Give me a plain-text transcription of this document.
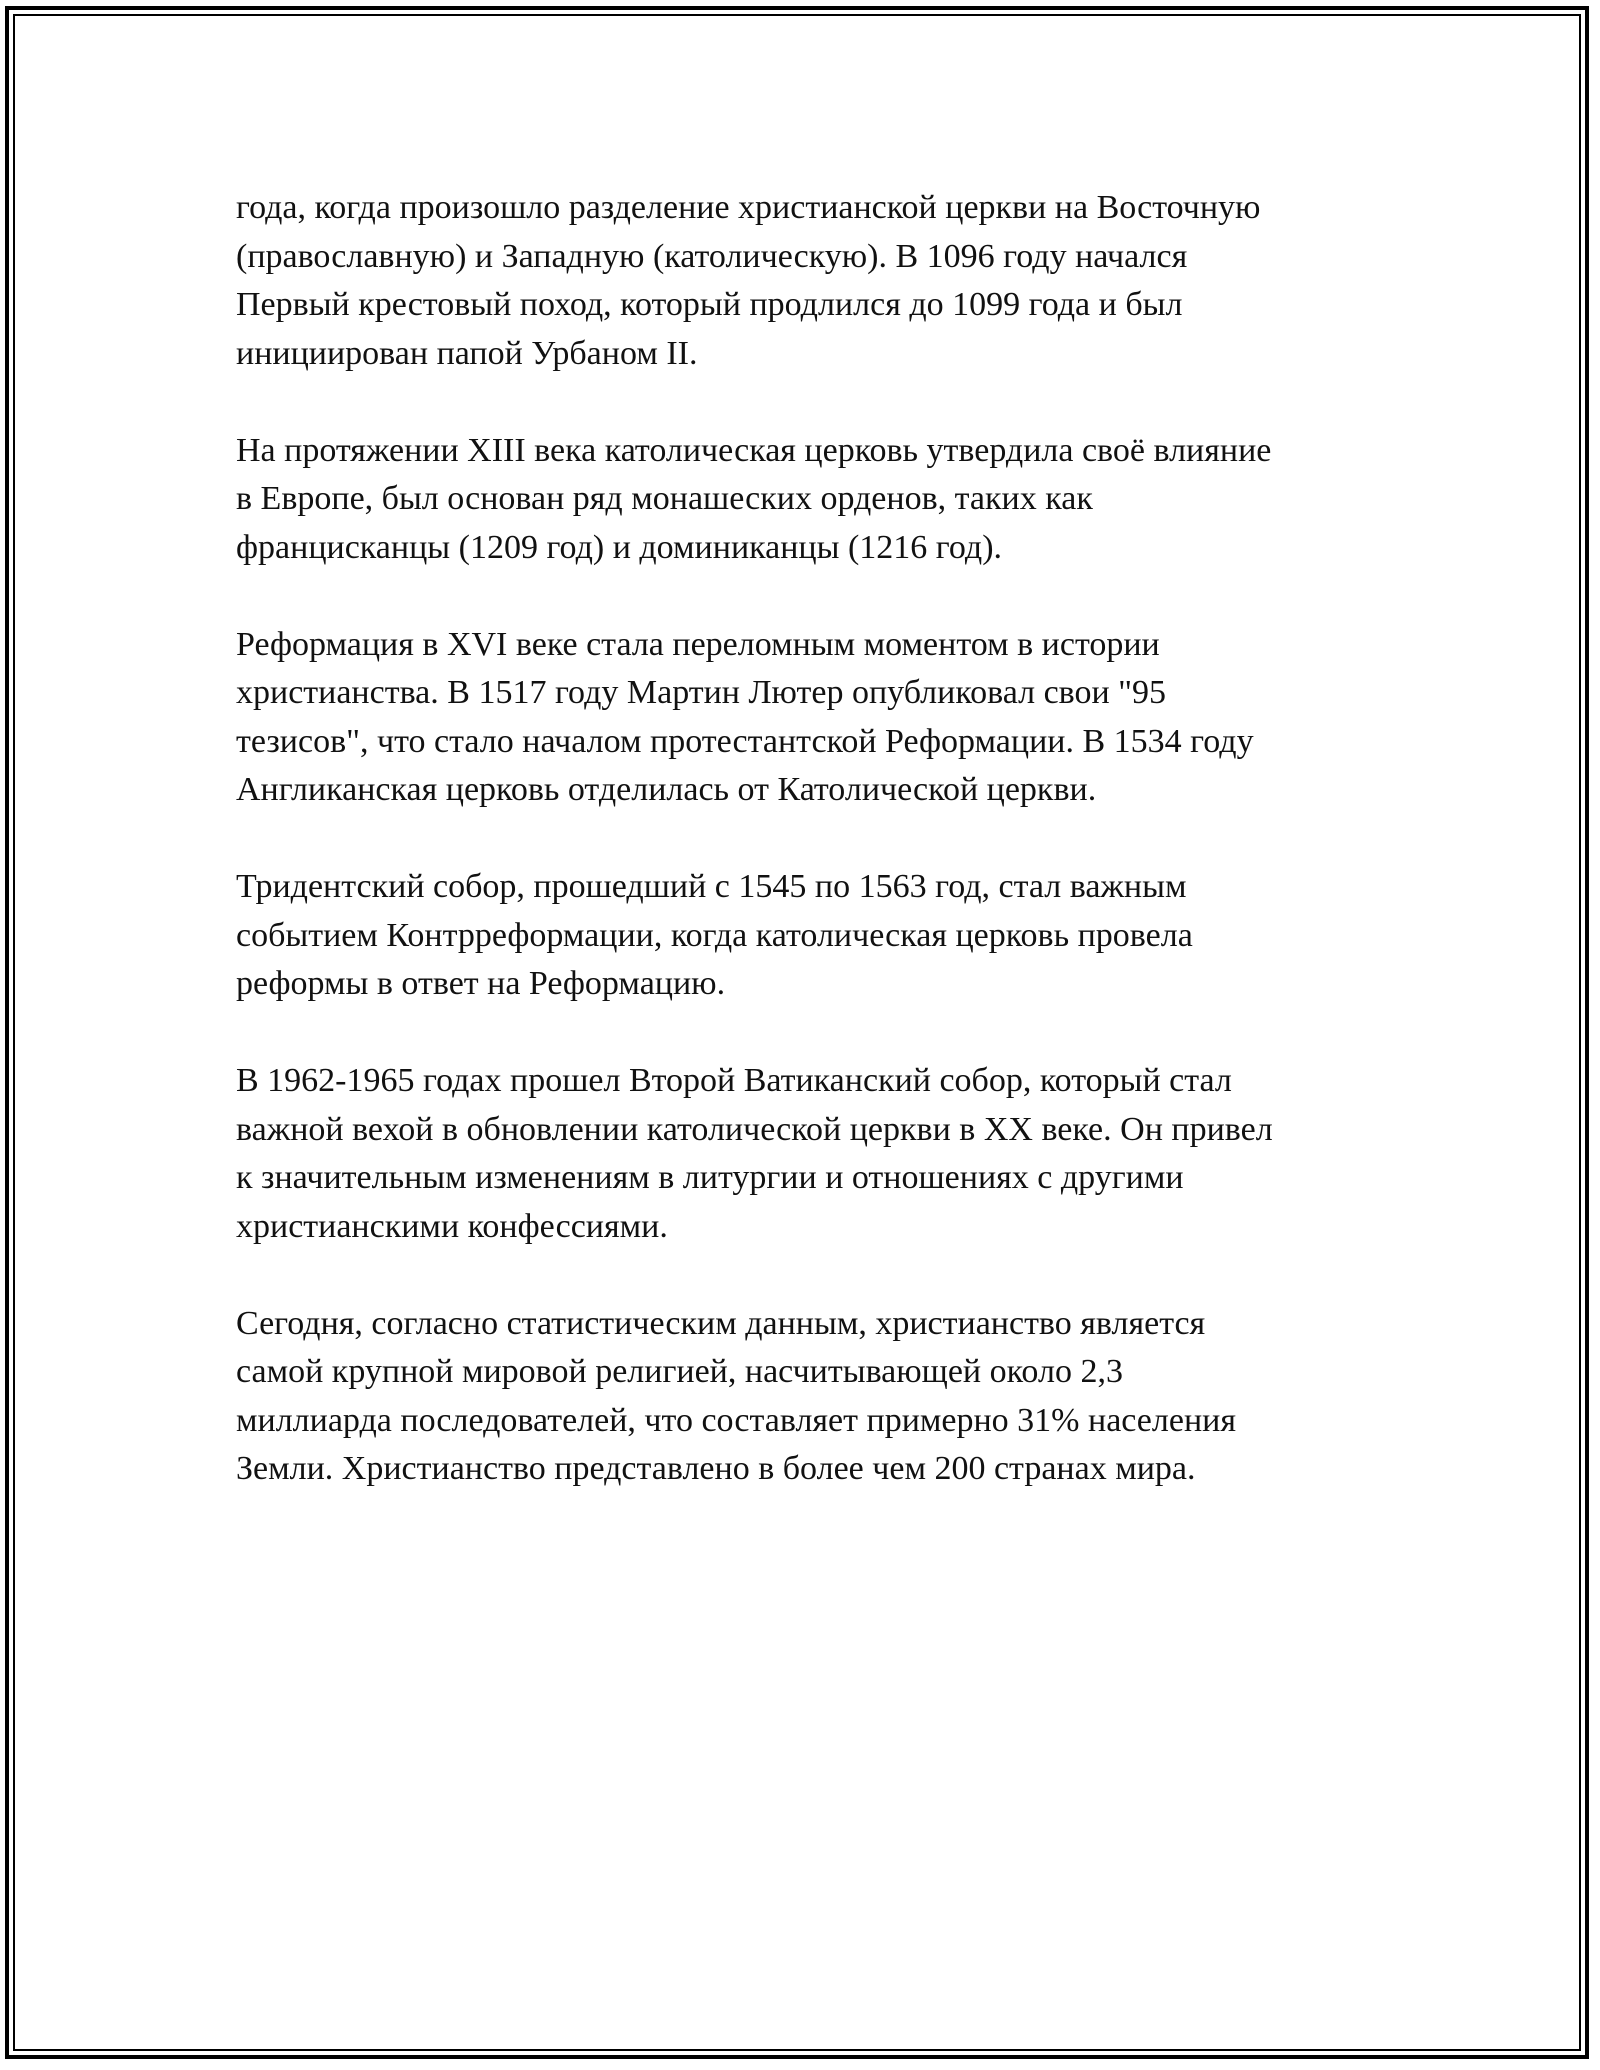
года, когда произошло разделение христианской церкви на Восточную
(православную) и Западную (католическую). В 1096 году начался
Первый крестовый поход, который продлился до 1099 года и был
инициирован папой Урбаном II.

На протяжении XIII века католическая церковь утвердила своё влияние
в Европе, был основан ряд монашеских орденов, таких как
францисканцы (1209 год) и доминиканцы (1216 год).

Реформация в XVI веке стала переломным моментом в истории
христианства. В 1517 году Мартин Лютер опубликовал свои "95
тезисов", что стало началом протестантской Реформации. В 1534 году
Англиканская церковь отделилась от Католической церкви.

Тридентский собор, прошедший с 1545 по 1563 год, стал важным
событием Контрреформации, когда католическая церковь провела
реформы в ответ на Реформацию.

В 1962-1965 годах прошел Второй Ватиканский собор, который стал
важной вехой в обновлении католической церкви в XX веке. Он привел
к значительным изменениям в литургии и отношениях с другими
христианскими конфессиями.

Сегодня, согласно статистическим данным, христианство является
самой крупной мировой религией, насчитывающей около 2,3
миллиарда последователей, что составляет примерно 31% населения
Земли. Христианство представлено в более чем 200 странах мира.
